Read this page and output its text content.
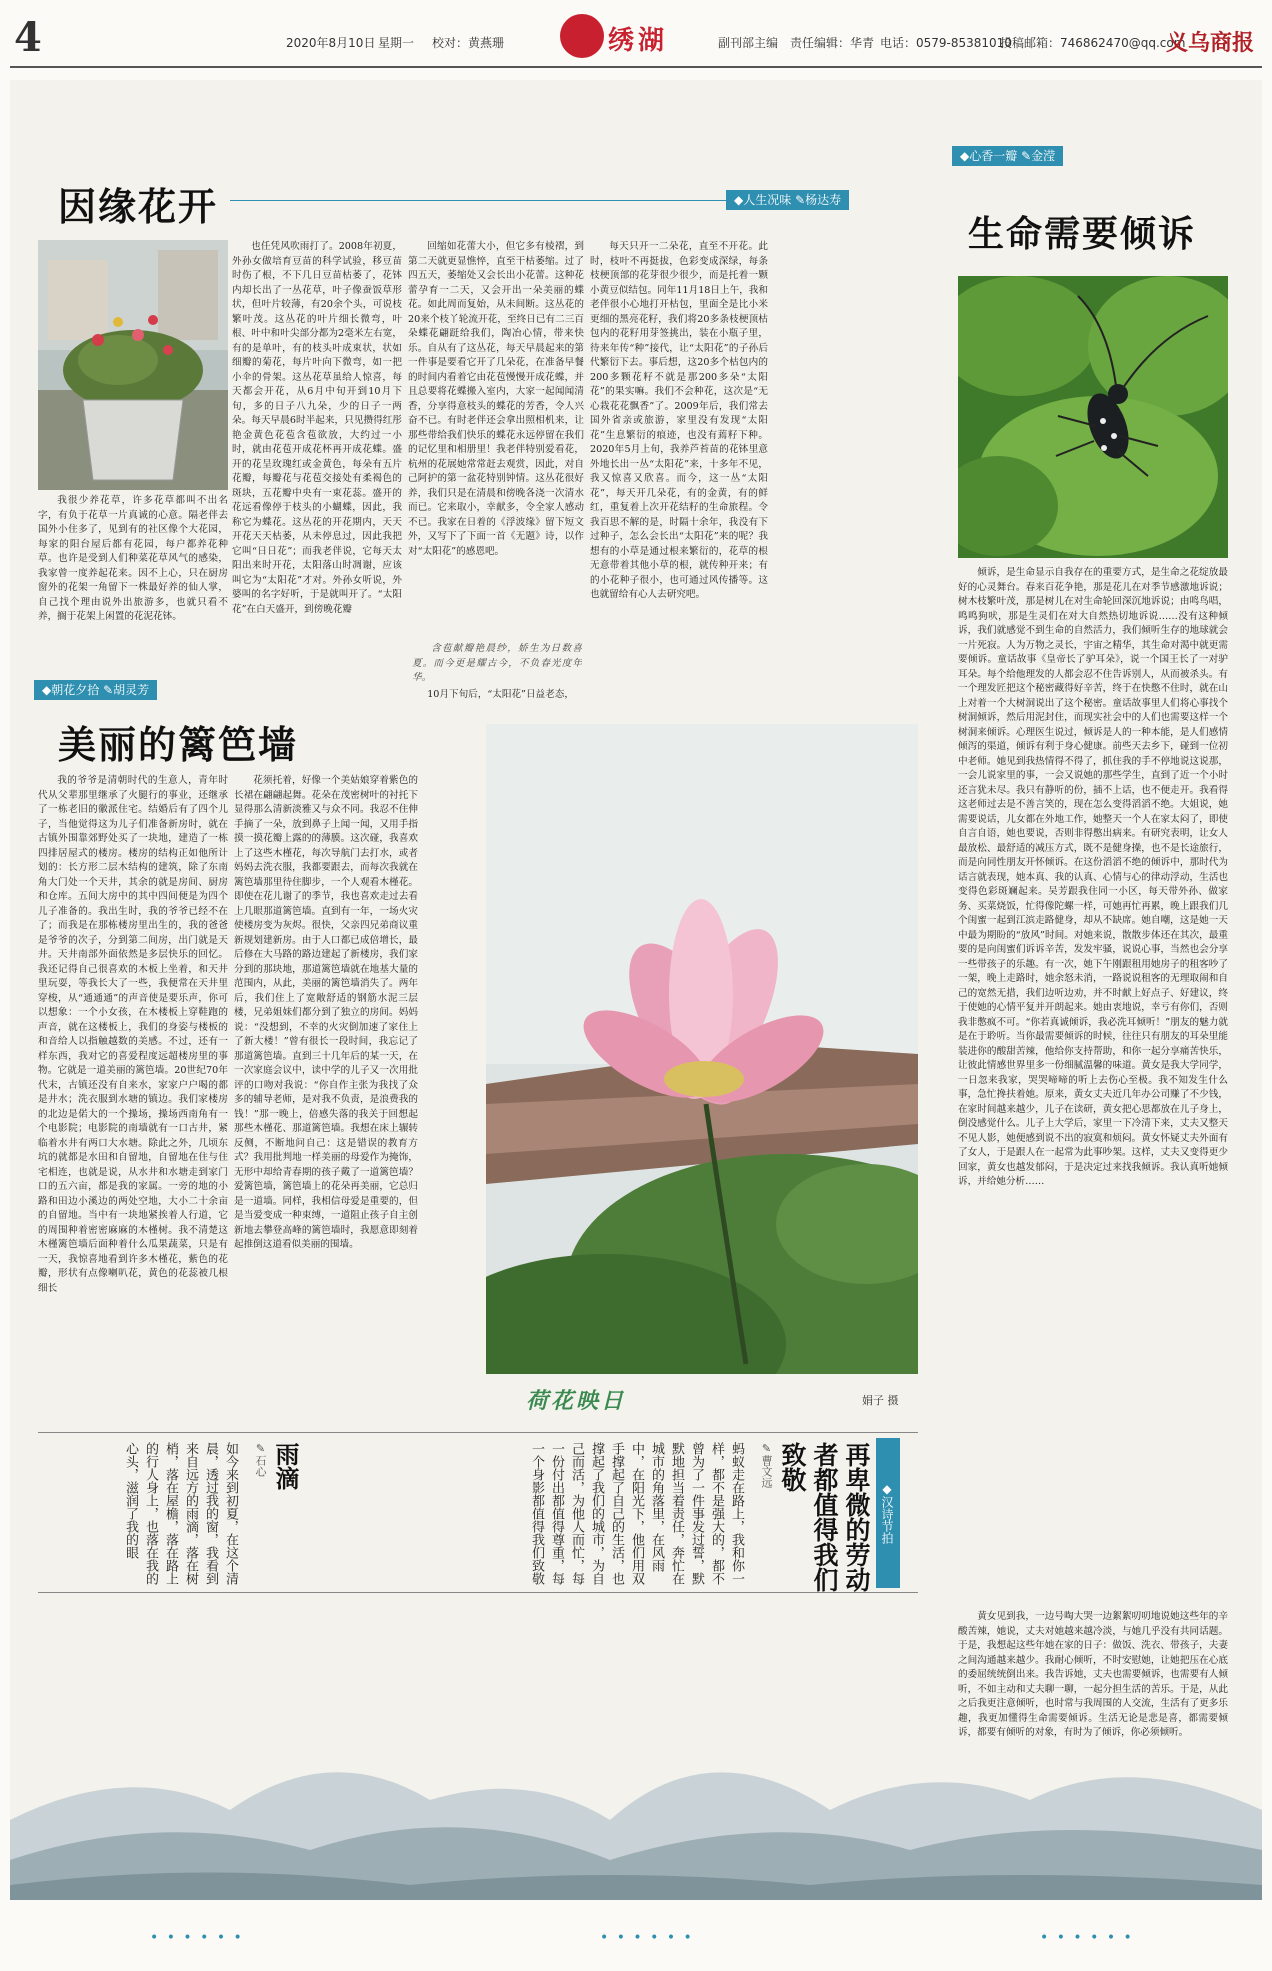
4	2020年8月10日 星期一 校对：黄燕珊	绣湖	副刊部主编 责任编辑：华青 电话：0579-85381010
投稿邮箱：746862470@qq.com
义乌商报
因缘花开	◆人生况味 ✎杨达寿

我很少养花草，许多花草都叫不出名字，有负于花草一片真诚的心意。隔老伴去国外小住多了，见到有的社区像个大花园，每家的阳台屋后都有花园，每户都养花种草。也许是受到人们种菜花草风气的感染，我家曾一度养起花来。因不上心，只在厨房窗外的花架一角留下一株最好养的仙人掌，自己找个理由说外出旅游多，也就只看不养，搁于花架上闲置的花泥花钵。

也任凭风吹雨打了。2008年初夏，外孙女做培育豆苗的科学试验，移豆苗时伤了根，不下几日豆苗枯萎了，花钵内却长出了一丛花草，叶子像蚕饭草形状，但叶片较薄，有20余个头，可说枝繁叶茂。这丛花的叶片细长微弯，叶根、叶中和叶尖部分都为2毫米左右宽，有的是单叶，有的枝头叶成束状，状如细瓣的菊花，每片叶向下微弯，如一把小伞的骨架。这丛花草虽给人惊喜，每天都会开花，从6月中旬开到10月下旬，多的日子八九朵，少的日子一两朵。每天早晨6时半起来，只见攒得红彤艳金黄色花苞含苞欲放，大约过一小时，就由花苞开成花杯再开成花蝶。盛开的花呈玫瑰红或金黄色，每朵有五片花瓣，每瓣花与花苞交接处有柔褐色的斑块，五花瓣中央有一束花蕊。盛开的花远看像停于枝头的小蝴蝶，因此，我称它为蝶花。这丛花的开花期内，天天开花天天枯萎，从未停息过，因此我把它叫“日日花”；而我老伴说，它每天太阳出来时开花，太阳落山时凋谢，应该叫它为“太阳花”才对。外孙女听说，外婆叫的名字好听，于是就叫开了。“太阳花”在白天盛开，到傍晚花瓣

回缩如花蕾大小，但它多有棱褶，到第二天就更显憔悴，直至干枯萎缩。过了四五天，萎缩处又会长出小花蕾。这种花蕾孕育一二天，又会开出一朵美丽的蝶花。如此周而复始，从未间断。这丛花的20来个枝丫轮流开花，至终日已有二三百朵蝶花翩跹给我们，陶冶心情，带来快乐。自从有了这丛花，每天早晨起来的第一件事是要看它开了几朵花，在准备早餐的时间内看着它由花苞慢慢开成花蝶，并且总要将花蝶搬入室内，大家一起闻闻清香，分享得意枝头的蝶花的芳香，令人兴奋不已。有时老伴还会拿出照相机来，让那些带给我们快乐的蝶花永远停留在我们的记忆里和相册里！我老伴特别爱看花，杭州的花展她常常赶去观赏，因此，对自己阿护的第一盆花特别钟情。这丛花很好养，我们只是在清晨和傍晚各浇一次清水而已。它来取小，幸献多，令全家人感动不已。我家在日着的《浮波缘》留下短文外，又写下了下面一首《无题》诗，以作对“太阳花”的感恩吧。

含苞献瓣艳晨纱，娇生为日数喜夏。而今更是耀古今，不负春光度年华。

10月下旬后，“太阳花”日益老态，

每天只开一二朵花，直至不开花。此时，枝叶不再挺拔，色彩变成深绿，每条枝梗顶部的花芽很少很少，而是托着一颗小黄豆似结包。同年11月18日上午，我和老伴很小心地打开枯包，里面全是比小米更细的黑亮花籽，我们将20多条枝梗顶枯包内的花籽用芽签挑出，装在小瓶子里，待来年传“种”接代，让“太阳花”的子孙后代繁衍下去。事后想，这20多个枯包内的200多颗花籽不就是那200多朵“太阳花”的果实嘛。我们不会种花，这次是“无心栽花花飘香”了。2009年后，我们常去国外省亲或旅游，家里没有发现“太阳花”生息繁衍的痕迹，也没有蔫籽下种。2020年5月上旬，我养芦苔苗的花钵里意外地长出一丛“太阳花”来，十多年不见，我又惊喜又欣喜。而今，这一丛“太阳花”，每天开几朵花，有的金黄，有的鲜红，重复着上次开花结籽的生命旅程。令我百思不解的是，时隔十余年，我没有下过种子，怎么会长出“太阳花”来的呢？我想有的小草是通过根来繁衍的，花草的根无意带着其他小草的根，就传种开来；有的小花种子很小，也可通过风传播等。这也就留给有心人去研究吧。

◆心香一瓣 ✎金滢
生命需要倾诉

倾诉，是生命显示自我存在的重要方式，是生命之花绽放最好的心灵舞台。春来百花争艳，那是花儿在对季节感激地诉说；树木枝繁叶茂，那是树儿在对生命轮回深沉地诉说；由鸣鸟唱，鸣鸣狗吠，那是生灵们在对大自然热切地诉说……没有这种倾诉，我们就感觉不到生命的自然活力，我们倾听生存的地球就会一片死寂。人为万物之灵长，宇宙之精华，其生命对渴中就更需要倾诉。童话故事《皇帝长了驴耳朵》，说一个国王长了一对驴耳朵。每个给他理发的人都会忍不住告诉别人，从而被杀头。有一个理发匠把这个秘密藏得好辛苦，终于在快憋不住时，就在山上对着一个大树洞说出了这个秘密。童话故事里人们将心事找个树洞倾诉，然后用泥封住，而现实社会中的人们也需要这样一个树洞来倾诉。心理医生说过，倾诉是人的一种本能，是人们感情倾泻的渠道，倾诉有利于身心健康。前些天去乡下，碰到一位初中老师。她见到我热情得不得了，抓住我的手不停地说这说那，一会儿说家里的事，一会又说她的那些学生，直到了近一个小时还言犹未尽。我只有静听的份，插不上话，也不便走开。我看得这老师过去是不善言笑的，现在怎么变得滔滔不绝。大姐说，她需要说话，儿女都在外地工作，她整天一个人在家太闷了，即使自言自语，她也要说，否则非得憋出病来。有研究表明，让女人最放松、最舒适的减压方式，既不是健身操，也不是长途旅行，而是向同性朋友开怀倾诉。在这份滔滔不绝的倾诉中，那时代为话言就表现，她本真、我的认真、心情与心的律动浮动，生活也变得色彩斑斓起来。吴芳跟我住同一小区，每天带外孙、做家务、买菜烧饭，忙得像陀螺一样，可她再忙再累，晚上跟我们几个闺蜜一起到江滨走路健身，却从不缺席。她自嘲，这是她一天中最为期盼的“放风”时间。对她来说，散散步体还在其次，最重要的是向闺蜜们诉诉辛苦，发发牢骚，说说心事，当然也会分享一些带孩子的乐趣。有一次，她下午刚跟租用她房子的租客吵了一架，晚上走路时，她余怒未消，一路说说租客的无理取闹和自己的宽然无措，我们边听边劝，并不时献上好点子、好建议，终于使她的心情平复并开朗起来。她由衷地说，幸亏有你们，否则我非憋疯不可。“你若真诚倾诉，我必洗耳倾听！”朋友的魅力就是在于聆听。当你最需要倾诉的时候，往往只有朋友的耳朵里能装进你的酸甜苦辣，他给你支持帮助，和你一起分享痛苦快乐，让彼此情感世界里多一份细腻温馨的味道。黄女是我大学同学，一日忽来我家，哭哭啼啼的听上去伤心至极。我不知发生什么事，急忙搀扶着她。原来，黄女丈夫近几年办公司赚了不少钱，在家时间越来越少，儿子在读研，黄女把心思都放在儿子身上，倒没感觉什么。儿子上大学后，家里一下冷清下来，丈夫又整天不见人影，她便感到说不出的寂寞和烦闷。黄女怀疑丈夫外面有了女人，于是跟人在一起常为此事吵架。这样，丈夫又变得更少回家，黄女也越发郁闷，于是决定过来找我倾诉。我认真听她倾诉，并给她分析……

黄女见到我，一边号啕大哭一边絮絮叨叨地说她这些年的辛酸苦辣，她说，丈夫对她越来越冷淡，与她几乎没有共同话题。于是，我想起这些年她在家的日子：做饭、洗衣、带孩子，夫妻之间沟通越来越少。我耐心倾听，不时安慰她，让她把压在心底的委屈统统倒出来。我告诉她，丈夫也需要倾诉，也需要有人倾听，不如主动和丈夫聊一聊，一起分担生活的苦乐。于是，从此之后我更注意倾听，也时常与我周围的人交流，生活有了更多乐趣，我更加懂得生命需要倾诉。生活无论是悲是喜，都需要倾诉，都要有倾听的对象，有时为了倾诉，你必须倾听。

◆朝花夕拾 ✎胡灵芳
美丽的篱笆墙

我的爷爷是清朝时代的生意人，青年时代从父辈那里继承了火腿行的事业，还继承了一栋老旧的徽派住宅。结婚后有了四个儿子，当他觉得这为儿子们准备新房时，就在古镇外围靠郊野处买了一块地，建造了一栋四排居屋式的楼房。楼房的结构正如他所计划的：长方形二层木结构的建筑，除了东南角大门处一个天井，其余的就是房间、厨房和仓库。五间大房中的其中四间便是为四个儿子准备的。我出生时，我的爷爷已经不在了；而我是在那栋楼房里出生的，我的爸爸是爷爷的次子，分到第二间房，出门就是天井。天井南部外面依然是多层快乐的回忆。我还记得自己很喜欢的木板上坐着，和天井里玩耍，等我长大了一些，我便常在天井里穿梭，从“通通通”的声音使是要乐声，你可以想象：一个小女孩，在木楼板上穿鞋跑的声音，就在这楼板上，我们的身姿与楼板的和音给人以指触越数的美感。不过，还有一样东西，我对它的喜爱程度远超楼房里的事物。它就是一道美丽的篱笆墙。20世纪70年代末，古镇还没有自来水，家家户户喝的都是井水；洗衣服到水塘的镇边。我们家楼房的北边是偌大的一个操场，操场西南角有一个电影院；电影院的南墙就有一口古井，紧临着水井有两口大水塘。除此之外，几顷东坑的就都是水田和自留地，自留地在住与住宅相连，也就是说，从水井和水塘走到家门口的五六亩，都是我的家属。一旁的地的小路和田边小溪边的两处空地，大小二十余亩的自留地。当中有一块地紧挨着人行道，它的周围种着密密麻麻的木槿树。我不清楚这木槿篱笆墙后面种着什么瓜果蔬菜，只是有一天，我惊喜地看到许多木槿花，紫色的花瓣，形状有点像喇叭花，黄色的花蕊被几根细长

花须托着，好像一个美姑娘穿着紫色的长裙在翩翩起舞。花朵在茂密树叶的衬托下显得那么清新淡雅又与众不同。我忍不住伸手摘了一朵，放到鼻子上闻一闻，又用手指摸一摸花瓣上露的的薄膜。这次碰，我喜欢上了这些木槿花，每次导航门去打水，或者妈妈去洗衣服，我都要跟去，而每次我就在篱笆墙那里待住脚步，一个人观看木槿花。即使在花儿谢了的季节，我也喜欢走过去看上几眼那道篱笆墙。直到有一年，一场火灾使楼房变为灰烬。很快，父亲四兄弟商议重新规划建新房。由于人口都已成倍增长，最后修在大马路的路边建起了新楼房，我们家分到的那块地，那道篱笆墙就在地基大量的范围内，从此，美丽的篱笆墙消失了。两年后，我们住上了宽敞舒适的钢筋水泥三层楼，兄弟姐妹们都分到了独立的房间。妈妈说：“没想到，不幸的火灾倒加速了家住上了新大楼！”曾有很长一段时间，我忘记了那道篱笆墙。直到三十几年后的某一天，在一次家庭会议中，读中学的儿子又一次用批评的口吻对我说：“你自作主张为我找了众多的辅导老师，是对我不负责，是浪费我的钱！”那一晚上，倍感失落的我关于回想起那些木槿花、那道篱笆墙。我想在床上辗转反侧，不断地问自己：这是错误的教育方式？我用批判地一样美丽的母爱作为掩饰，无形中却给青春期的孩子戴了一道篱笆墙？爱篱笆墙，篱笆墙上的花朵再美丽，它总归是一道墙。同样，我相信母爱是重要的，但是当爱变成一种束缚，一道阻止孩子自主创新地去攀登高峰的篱笆墙时，我愿意即刻着起推倒这道看似美丽的围墙。

荷花映日	娟子 摄
◆汉诗节拍
再卑微的劳动者都值得我们致敬
✎曹文远
蚂蚁走在路上，我和你一样，都不是强大的，都不曾为了一件事发过誓，默默地担当着责任，奔忙在城市的角落里，在风雨中，在阳光下，他们用双手撑起了自己的生活，也撑起了我们的城市，为自己而活，为他人而忙，每一份付出都值得尊重，每一个身影都值得我们致敬
雨滴
✎石心
如今来到初夏，在这个清晨，透过我的窗，我看到来自远方的雨滴，落在树梢，落在屋檐，落在路上的行人身上，也落在我的心头，滋润了我的眼
• • • • • •	• • • • • •	• • • • • •
